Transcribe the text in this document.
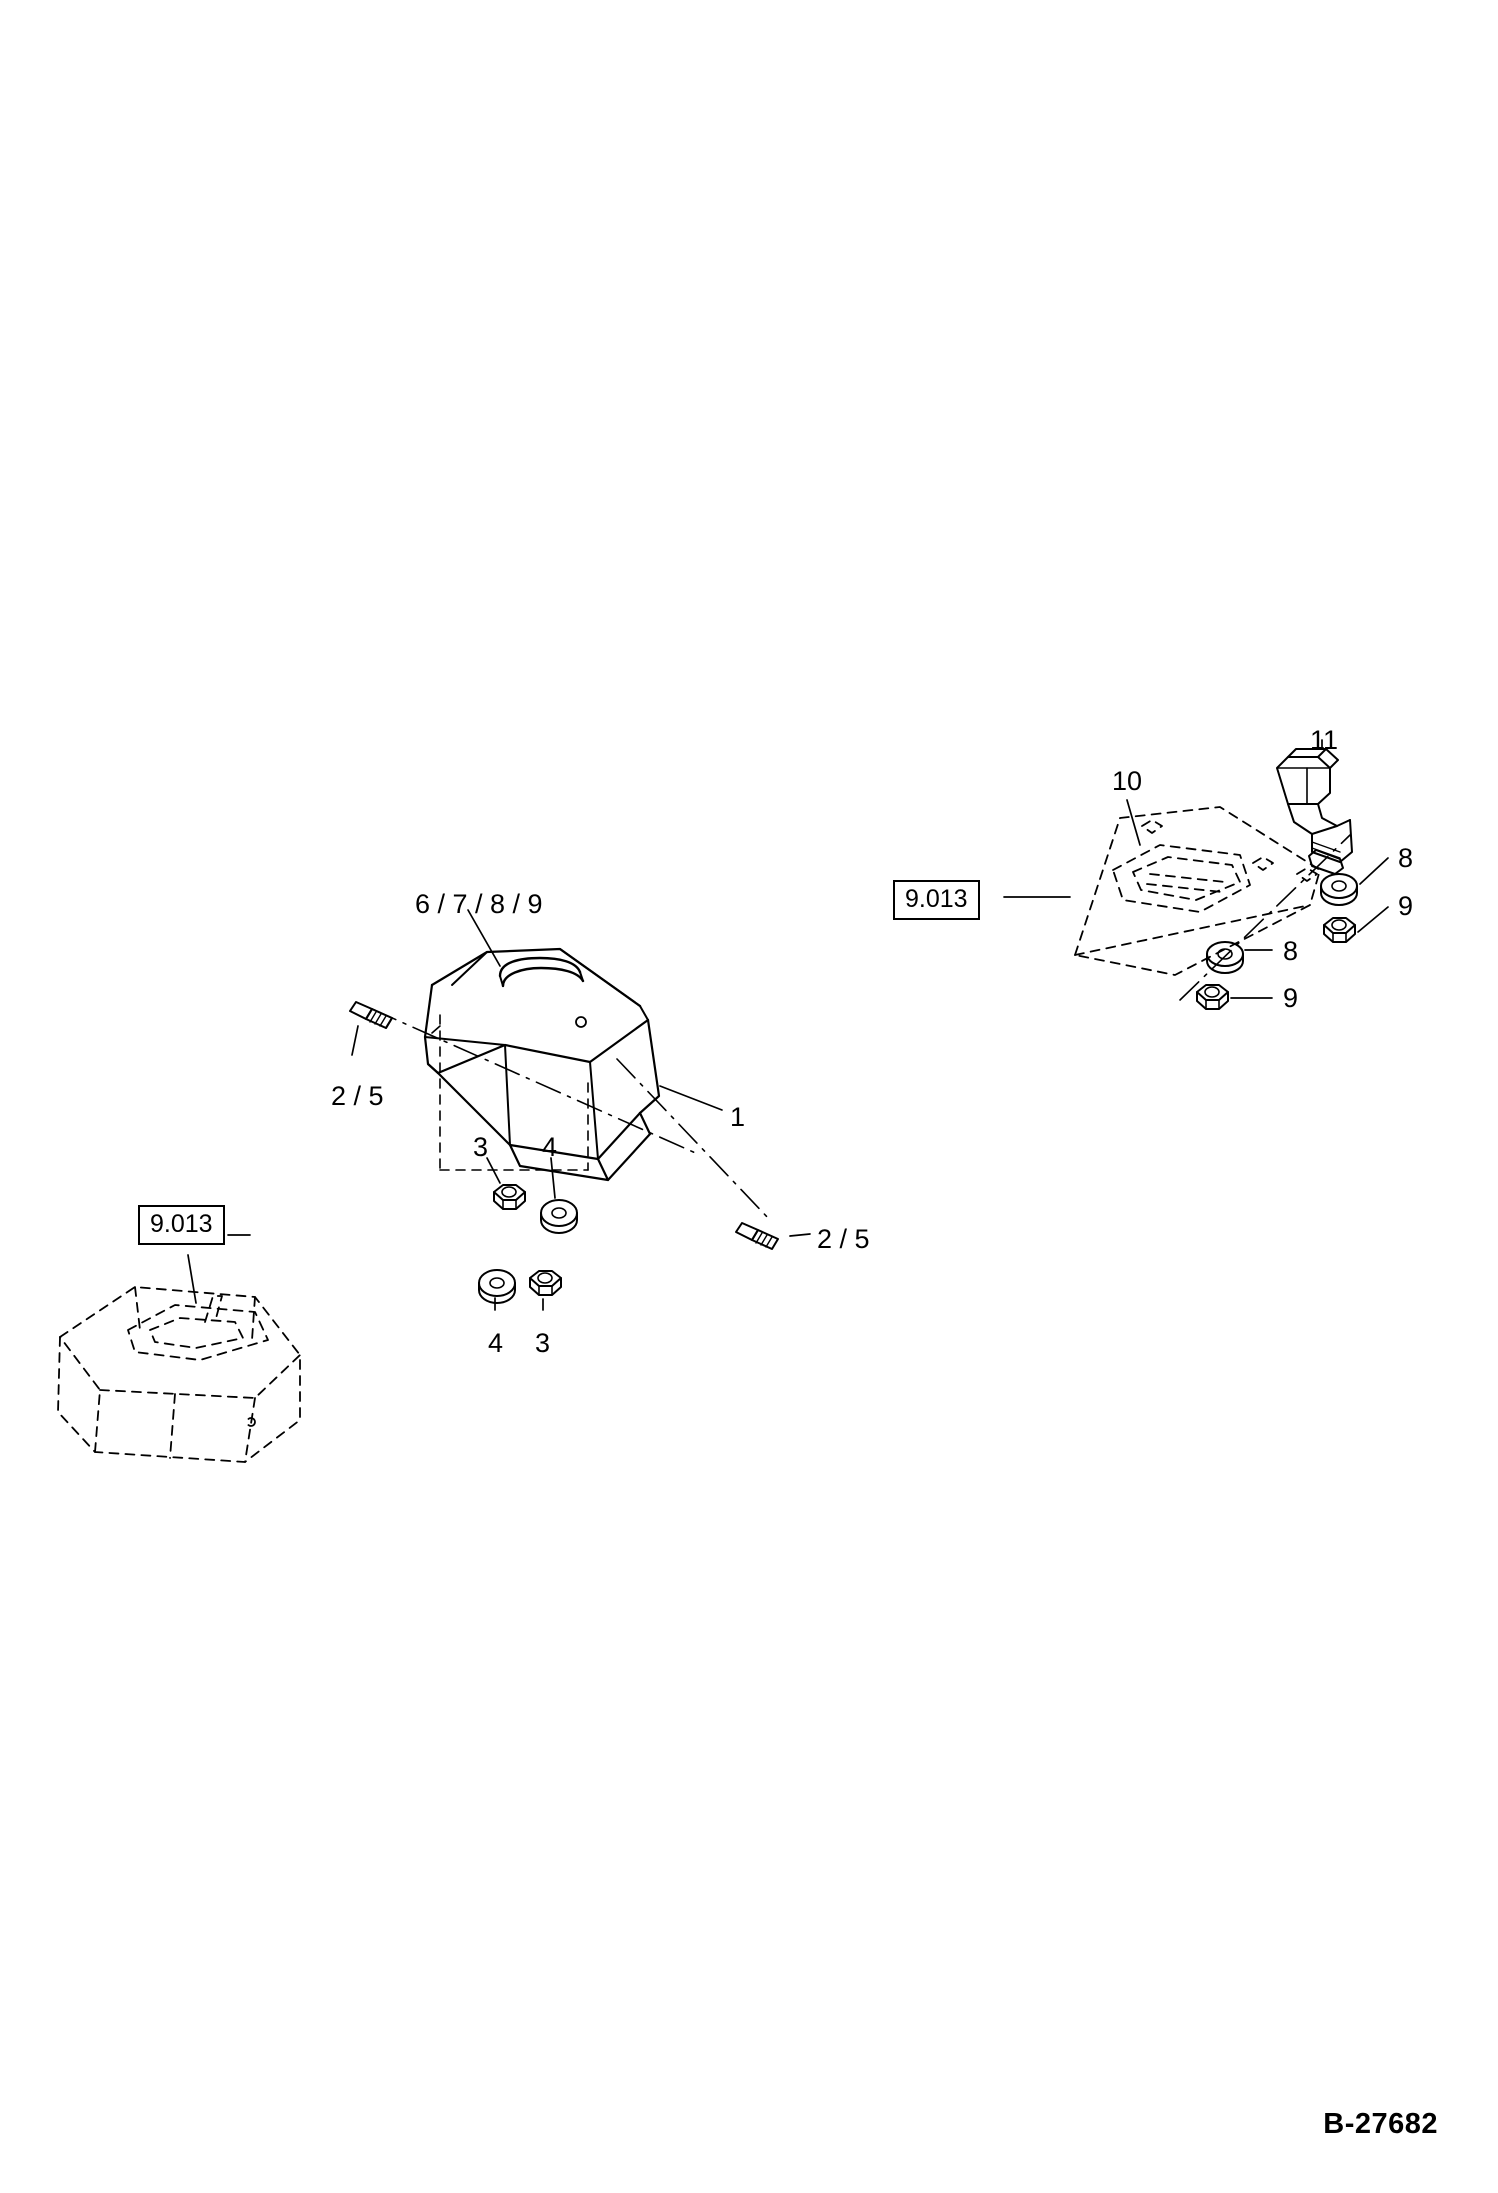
6 / 7 / 8 / 9
2 / 5
1
3 4
2 / 5
4 3
10
11
8
9
8
9
9.013
9.013
B-27682
